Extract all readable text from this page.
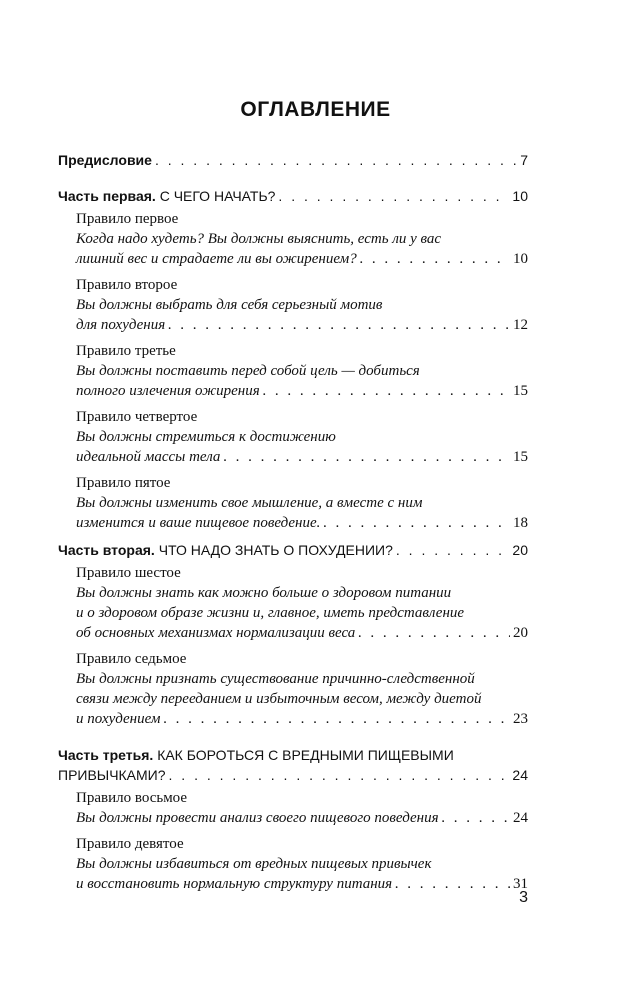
ОГЛАВЛЕНИЕ
Предисловие . . .	7
Часть первая. С ЧЕГО НАЧАТЬ? . . .	10
Правило первое
Когда надо худеть? Вы должны выяснить, есть ли у вас
лишний вес и страдаете ли вы ожирением? . . .	10
Правило второе
Вы должны выбрать для себя серьезный мотив
для похудения . . .	12
Правило третье
Вы должны поставить перед собой цель — добиться
полного излечения ожирения . . .	15
Правило четвертое
Вы должны стремиться к достижению
идеальной массы тела . . .	15
Правило пятое
Вы должны изменить свое мышление, а вместе с ним
изменится и ваше пищевое поведение. . . .	18
Часть вторая. ЧТО НАДО ЗНАТЬ О ПОХУДЕНИИ? . . .	20
Правило шестое
Вы должны знать как можно больше о здоровом питании
и о здоровом образе жизни и, главное, иметь представление
об основных механизмах нормализации веса . . .	20
Правило седьмое
Вы должны признать существование причинно-следственной
связи между перееданием и избыточным весом, между диетой
и похудением . . .	23
Часть третья. КАК БОРОТЬСЯ С ВРЕДНЫМИ ПИЩЕВЫМИ
ПРИВЫЧКАМИ? . . .	24
Правило восьмое
Вы должны провести анализ своего пищевого поведения . . .	24
Правило девятое
Вы должны избавиться от вредных пищевых привычек
и восстановить нормальную структуру питания . . .	31
3
